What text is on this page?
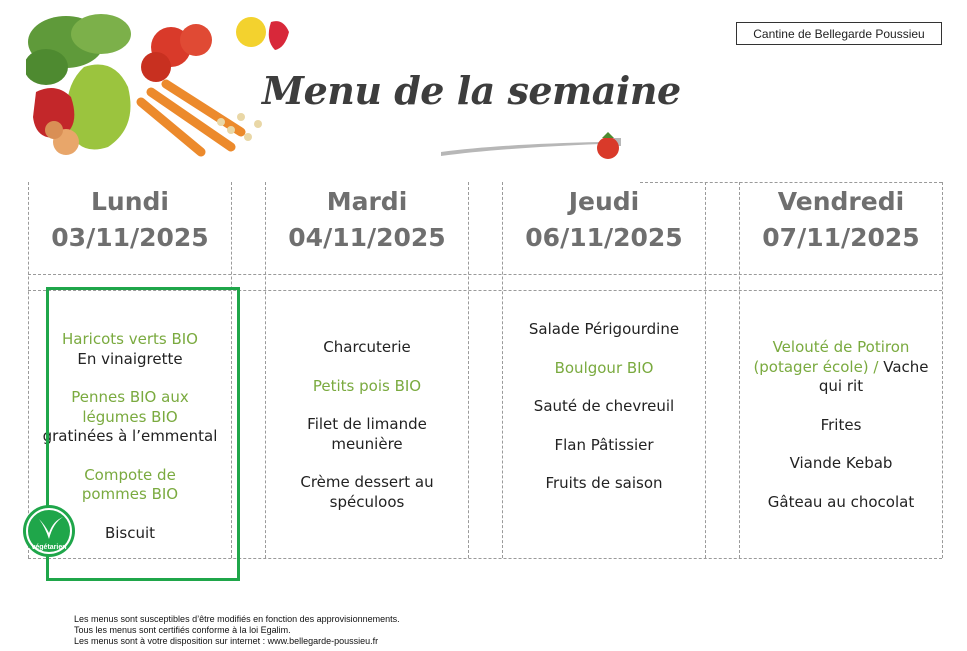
Menu de la semaine
Cantine de Bellegarde Poussieu
Lundi
03/11/2025
Mardi
04/11/2025
Jeudi
06/11/2025
Vendredi
07/11/2025
Haricots verts BIO
En vinaigrette
Pennes BIO aux légumes BIO
gratinées à l’emmental
Compote de pommes BIO
Biscuit
Charcuterie
Petits pois BIO
Filet de limande meunière
Crème dessert au spéculoos
Salade Périgourdine
Boulgour BIO
Sauté de chevreuil
Flan Pâtissier
Fruits de saison
Velouté de Potiron (potager école) / Vache qui rit
Frites
Viande Kebab
Gâteau au chocolat
végétarien
Les menus sont susceptibles d’être modifiés en fonction des approvisionnements.
Tous les menus sont certifiés conforme à la loi Egalim.
Les menus sont à votre disposition sur internet : www.bellegarde-poussieu.fr
